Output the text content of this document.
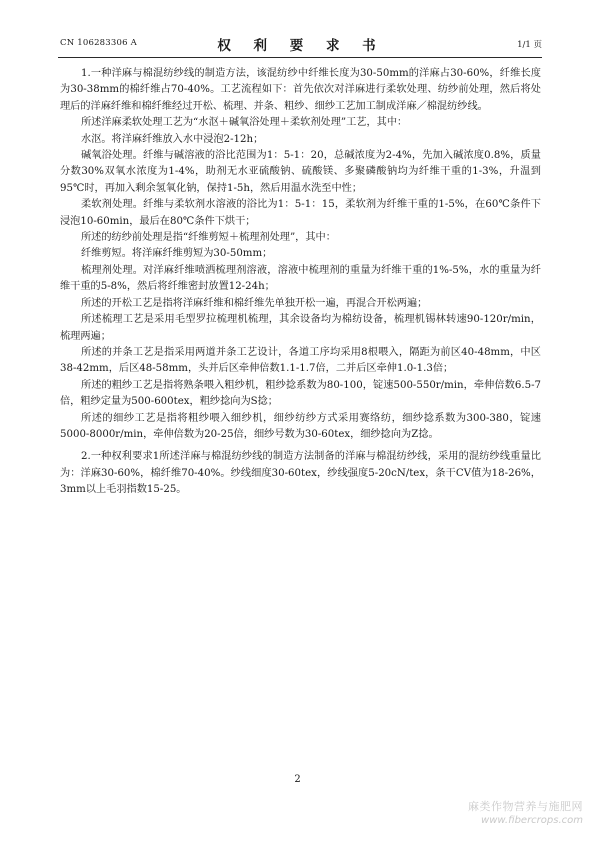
CN 106283306 A	权 利 要 求 书	1/1 页

1.一种洋麻与棉混纺纱线的制造方法，该混纺纱中纤维长度为30-50mm的洋麻占30-60%，纤维长度为30-38mm的棉纤维占70-40%。工艺流程如下：首先依次对洋麻进行柔软处理、纺纱前处理，然后将处理后的洋麻纤维和棉纤维经过开松、梳理、并条、粗纱、细纱工艺加工制成洋麻／棉混纺纱线。

所述洋麻柔软处理工艺为“水沤＋碱氧浴处理＋柔软剂处理”工艺，其中：

水沤。将洋麻纤维放入水中浸泡2-12h；

碱氧浴处理。纤维与碱溶液的浴比范围为1：5-1：20，总碱浓度为2-4%，先加入碱浓度0.8%，质量分数30%双氧水浓度为1-4%，助剂无水亚硫酸钠、硫酸镁、多聚磷酸钠均为纤维干重的1-3%，升温到95℃时，再加入剩余氢氧化钠，保持1-5h，然后用温水洗至中性；

柔软剂处理。纤维与柔软剂水溶液的浴比为1：5-1：15，柔软剂为纤维干重的1-5%，在60℃条件下浸泡10-60min，最后在80℃条件下烘干；

所述的纺纱前处理是指“纤维剪短＋梳理剂处理”，其中：

纤维剪短。将洋麻纤维剪短为30-50mm；

梳理剂处理。对洋麻纤维喷洒梳理剂溶液，溶液中梳理剂的重量为纤维干重的1%-5%，水的重量为纤维干重的5-8%，然后将纤维密封放置12-24h；

所述的开松工艺是指将洋麻纤维和棉纤维先单独开松一遍，再混合开松两遍；

所述梳理工艺是采用毛型罗拉梳理机梳理，其余设备均为棉纺设备，梳理机锡林转速90-120r/min，梳理两遍；

所述的并条工艺是指采用两道并条工艺设计，各道工序均采用8根喂入，隔距为前区40-48mm，中区38-42mm，后区48-58mm，头并后区牵伸倍数1.1-1.7倍，二并后区牵伸1.0-1.3倍；

所述的粗纱工艺是指将熟条喂入粗纱机，粗纱捻系数为80-100，锭速500-550r/min，牵伸倍数6.5-7倍，粗纱定量为500-600tex，粗纱捻向为S捻；

所述的细纱工艺是指将粗纱喂入细纱机，细纱纺纱方式采用赛络纺，细纱捻系数为300-380，锭速5000-8000r/min，牵伸倍数为20-25倍，细纱号数为30-60tex，细纱捻向为Z捻。

2.一种权利要求1所述洋麻与棉混纺纱线的制造方法制备的洋麻与棉混纺纱线，采用的混纺纱线重量比为：洋麻30-60%，棉纤维70-40%。纱线细度30-60tex，纱线强度5-20cN/tex，条干CV值为18-26%，3mm以上毛羽指数15-25。

2
麻类作物营养与施肥网
www.fibercrops.com
